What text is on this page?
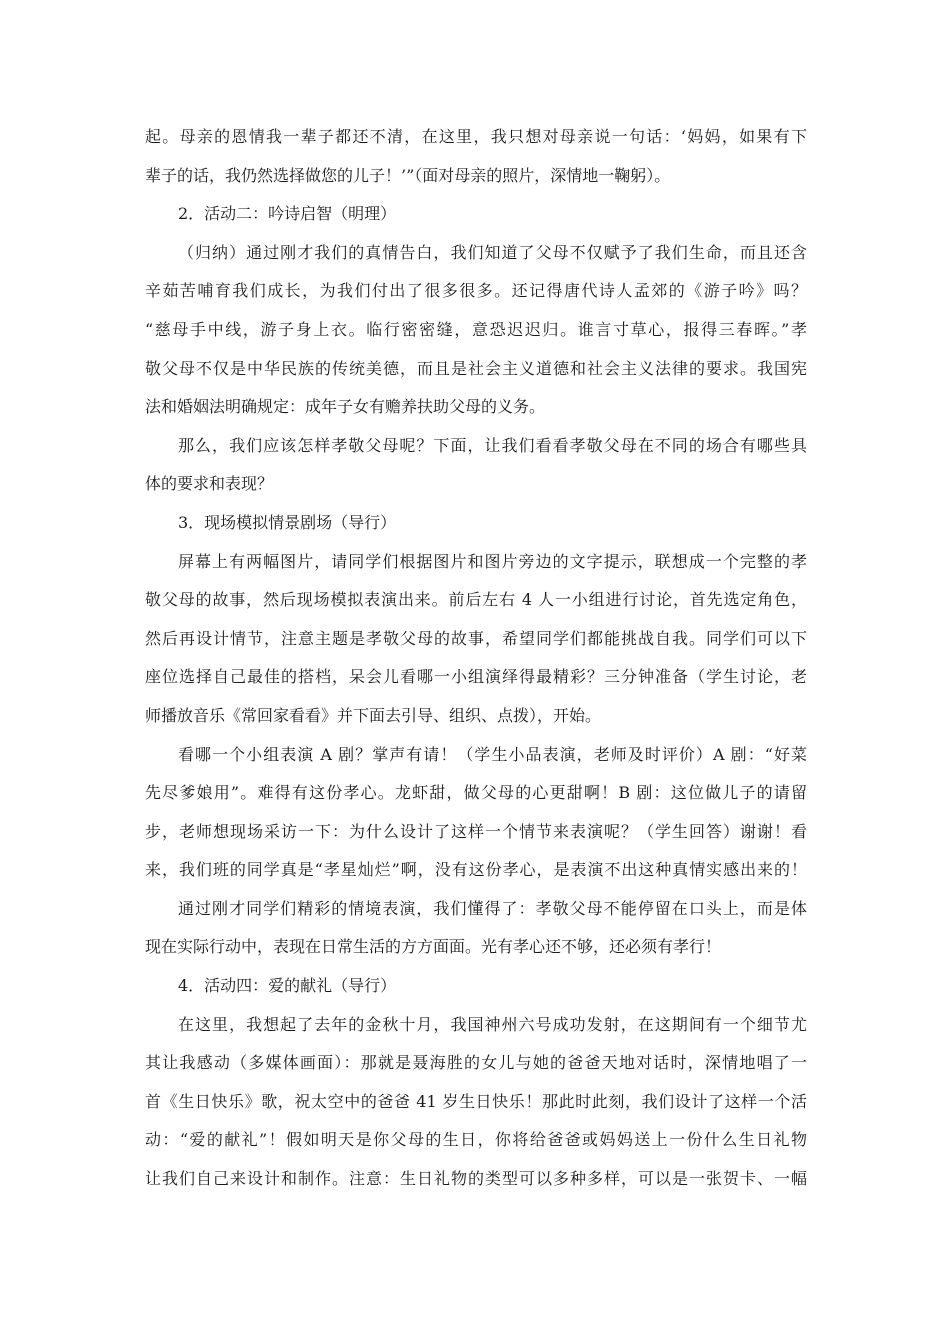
起。母亲的恩情我一辈子都还不清，在这里，我只想对母亲说一句话：‘妈妈，如果有下
辈子的话，我仍然选择做您的儿子！’”（面对母亲的照片，深情地一鞠躬）。
2．活动二：吟诗启智（明理）
（归纳）通过刚才我们的真情告白，我们知道了父母不仅赋予了我们生命，而且还含
辛茹苦哺育我们成长，为我们付出了很多很多。还记得唐代诗人孟郊的《游子吟》吗？
“慈母手中线，游子身上衣。临行密密缝，意恐迟迟归。谁言寸草心，报得三春晖。”孝
敬父母不仅是中华民族的传统美德，而且是社会主义道德和社会主义法律的要求。我国宪
法和婚姻法明确规定：成年子女有赡养扶助父母的义务。
那么，我们应该怎样孝敬父母呢？下面，让我们看看孝敬父母在不同的场合有哪些具
体的要求和表现？
3．现场模拟情景剧场（导行）
屏幕上有两幅图片，请同学们根据图片和图片旁边的文字提示，联想成一个完整的孝
敬父母的故事，然后现场模拟表演出来。前后左右 4 人一小组进行讨论，首先选定角色，
然后再设计情节，注意主题是孝敬父母的故事，希望同学们都能挑战自我。同学们可以下
座位选择自己最佳的搭档，呆会儿看哪一小组演绎得最精彩？三分钟准备（学生讨论，老
师播放音乐《常回家看看》并下面去引导、组织、点拨），开始。
看哪一个小组表演 A 剧？掌声有请！（学生小品表演，老师及时评价）A 剧：“好菜
先尽爹娘用”。难得有这份孝心。龙虾甜，做父母的心更甜啊！B 剧：这位做儿子的请留
步，老师想现场采访一下：为什么设计了这样一个情节来表演呢？（学生回答）谢谢！看
来，我们班的同学真是“孝星灿烂”啊，没有这份孝心，是表演不出这种真情实感出来的！
通过刚才同学们精彩的情境表演，我们懂得了：孝敬父母不能停留在口头上，而是体
现在实际行动中，表现在日常生活的方方面面。光有孝心还不够，还必须有孝行！
4．活动四：爱的献礼（导行）
在这里，我想起了去年的金秋十月，我国神州六号成功发射，在这期间有一个细节尤
其让我感动（多媒体画面）：那就是聂海胜的女儿与她的爸爸天地对话时，深情地唱了一
首《生日快乐》歌，祝太空中的爸爸 41 岁生日快乐！那此时此刻，我们设计了这样一个活
动：“爱的献礼”！假如明天是你父母的生日，你将给爸爸或妈妈送上一份什么生日礼物
让我们自己来设计和制作。注意：生日礼物的类型可以多种多样，可以是一张贺卡、一幅
